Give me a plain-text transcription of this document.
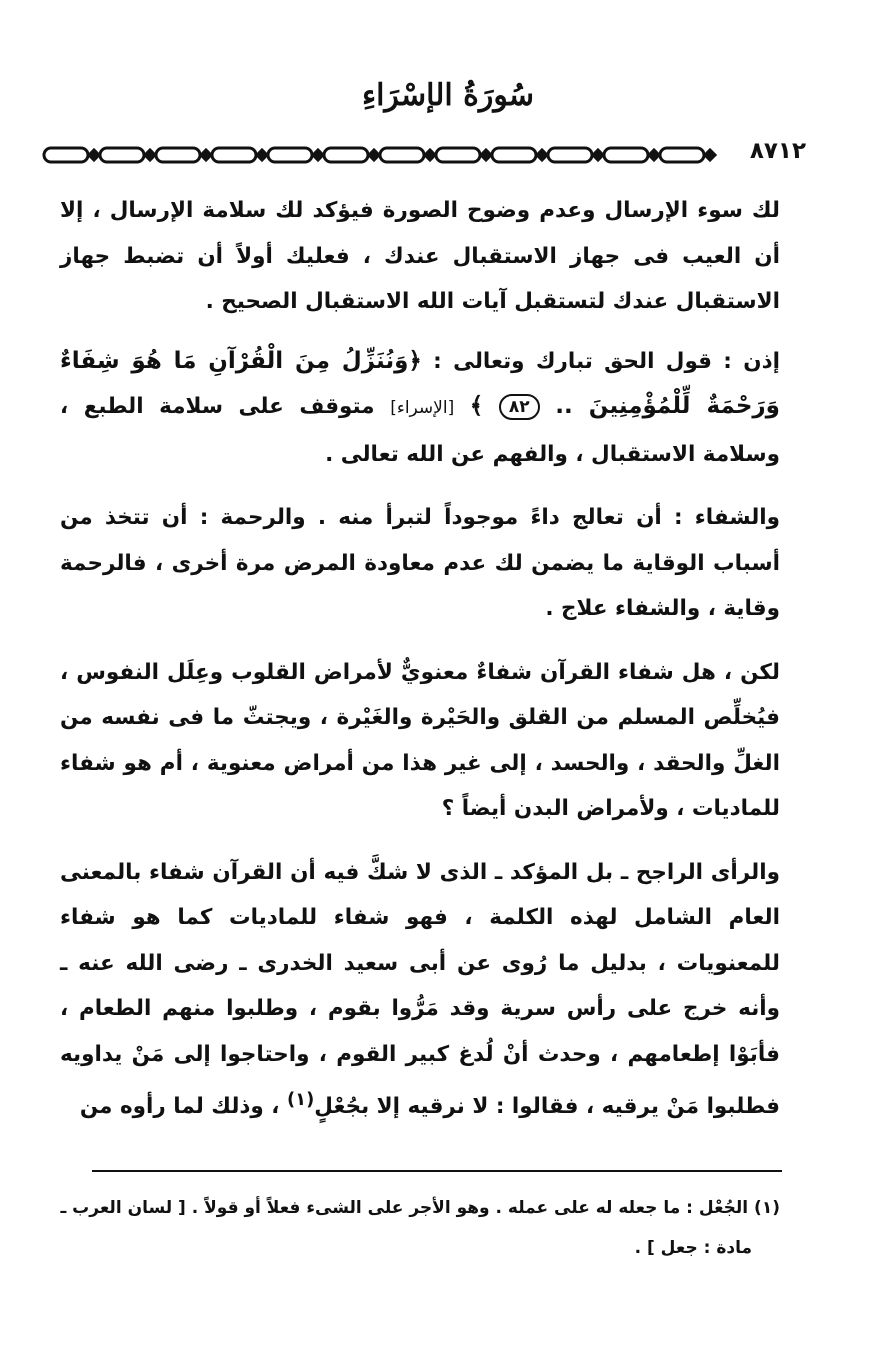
سُورَةُ الإسْرَاءِ
٨٧١٢

لك سوء الإرسال وعدم وضوح الصورة فيؤكد لك سلامة الإرسال ، إلا أن العيب فى جهاز الاستقبال عندك ، فعليك أولاً أن تضبط جهاز الاستقبال عندك لتستقبل آيات الله الاستقبال الصحيح .

إذن : قول الحق تبارك وتعالى : ﴿وَنُنَزِّلُ مِنَ الْقُرْآنِ مَا هُوَ شِفَاءٌ وَرَحْمَةٌ لِّلْمُؤْمِنِينَ .. ٨٢ ﴾ [الإسراء] متوقف على سلامة الطبع ، وسلامة الاستقبال ، والفهم عن الله تعالى .

والشفاء : أن تعالج داءً موجوداً لتبرأ منه . والرحمة : أن تتخذ من أسباب الوقاية ما يضمن لك عدم معاودة المرض مرة أخرى ، فالرحمة وقاية ، والشفاء علاج .

لكن ، هل شفاء القرآن شفاءٌ معنويٌّ لأمراض القلوب وعِلَل النفوس ، فيُخلِّص المسلم من القلق والحَيْرة والغَيْرة ، ويجتثّ ما فى نفسه من الغلِّ والحقد ، والحسد ، إلى غير هذا من أمراض معنوية ، أم هو شفاء للماديات ، ولأمراض البدن أيضاً ؟

والرأى الراجح ـ بل المؤكد ـ الذى لا شكَّ فيه أن القرآن شفاء بالمعنى العام الشامل لهذه الكلمة ، فهو شفاء للماديات كما هو شفاء للمعنويات ، بدليل ما رُوى عن أبى سعيد الخدرى ـ رضى الله عنه ـ وأنه خرج على رأس سرية وقد مَرُّوا بقوم ، وطلبوا منهم الطعام ، فأبَوْا إطعامهم ، وحدث أنْ لُدغ كبير القوم ، واحتاجوا إلى مَنْ يداويه فطلبوا مَنْ يرقيه ، فقالوا : لا نرقيه إلا بجُعْلٍ$^{(١)}$ ، وذلك لما رأوه من

(١) الجُعْل : ما جعله له على عمله . وهو الأجر على الشىء فعلاً أو قولاً . [ لسان العرب ـ
مادة : جعل ] .
